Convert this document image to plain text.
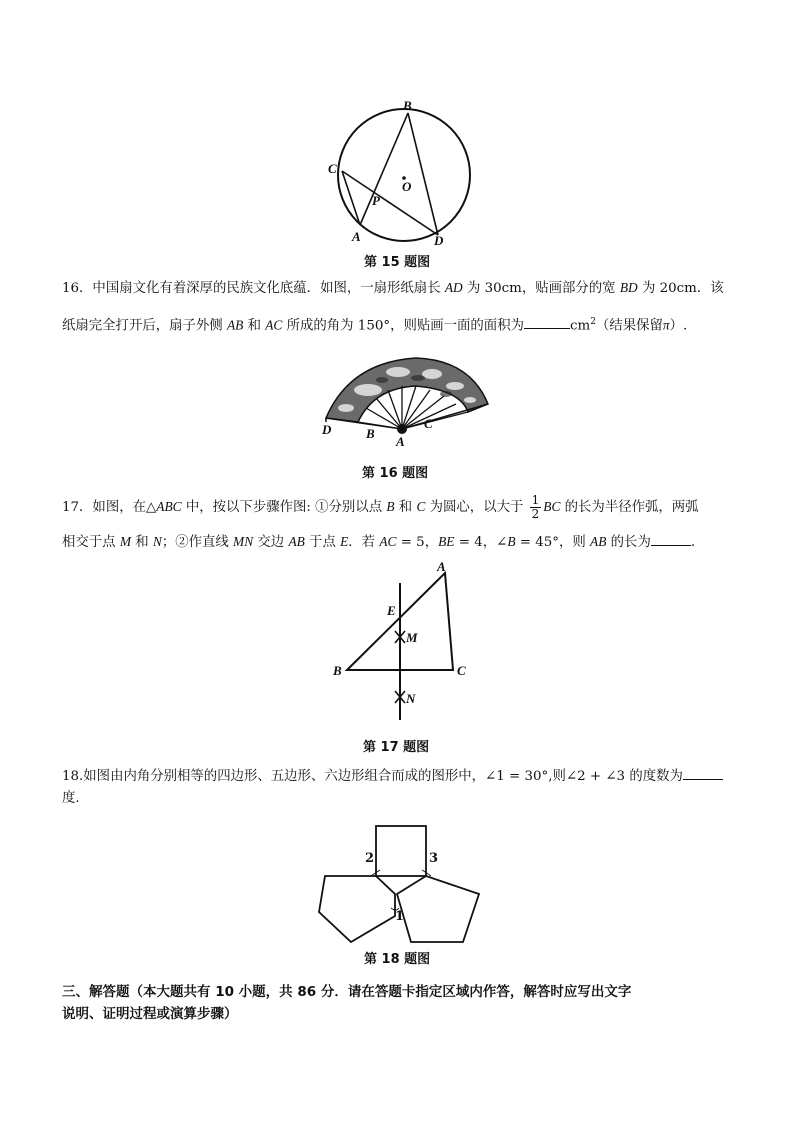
B
C
O
P
A	D
第 15 题图
16．中国扇文化有着深厚的民族文化底蕴．如图，一扇形纸扇长 AD 为 30cm，贴画部分的宽 BD 为 20cm．该
纸扇完全打开后，扇子外侧 AB 和 AC 所成的角为 150°，则贴画一面的面积为	$cm^2$（结果保留π）.
D	B
A
C
第 16 题图
17．如图，在△ABC 中，按以下步骤作图: ①分别以点 B 和 C 为圆心，以大于 $\frac{1}{2}$ BC 的长为半径作弧，两弧
相交于点 M 和 N；②作直线 MN 交边 AB 于点 E．若 AC = 5，BE = 4，∠B = 45°，则 AB 的长为	.
A
E
M
B	C
N
第 17 题图
18.如图由内角分别相等的四边形、五边形、六边形组合而成的图形中，∠1 = 30°,则∠2 + ∠3 的度数为
度.
2	3
1
第 18 题图
三、解答题（本大题共有 10 小题，共 86 分．请在答题卡指定区域内作答，解答时应写出文字
说明、证明过程或演算步骤）
